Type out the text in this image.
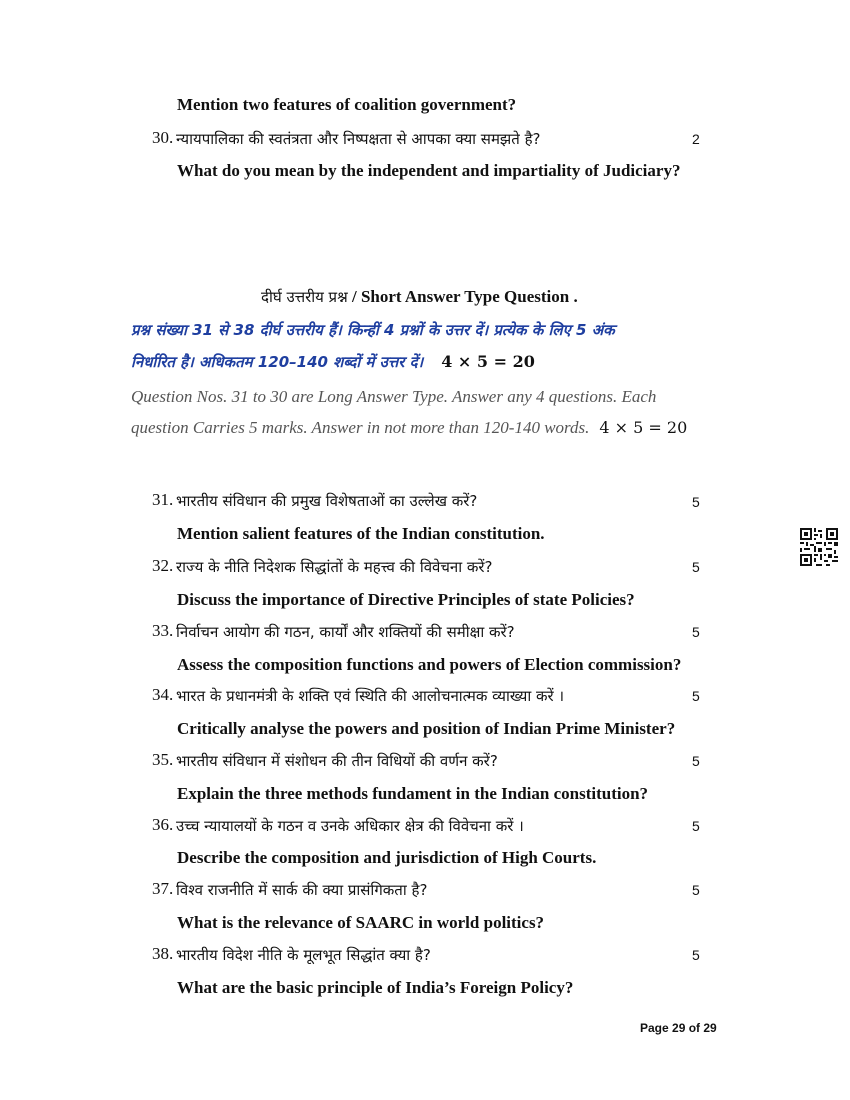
Mention two features of coalition government?
30. न्यायपालिका की स्वतंत्रता और निष्पक्षता से आपका क्या समझते है?	2
What do you mean by the independent and impartiality of Judiciary?
दीर्घ उत्तरीय प्रश्न / Short Answer Type Question .
प्रश्न संख्या 31 से 38 दीर्घ उत्तरीय हैं। किन्हीं 4 प्रश्नों के उत्तर दें। प्रत्येक के लिए 5 अंक
निर्धारित है। अधिकतम 120–140 शब्दों में उत्तर दें। 4 × 5 = 20
Question Nos. 31 to 30 are Long Answer Type. Answer any 4 questions. Each
question Carries 5 marks. Answer in not more than 120-140 words. 4 × 5 = 20
31. भारतीय संविधान की प्रमुख विशेषताओं का उल्लेख करें?	5
Mention salient features of the Indian constitution.
32. राज्य के नीति निदेशक सिद्धांतों के महत्त्व की विवेचना करें?	5
Discuss the importance of Directive Principles of state Policies?
33. निर्वाचन आयोग की गठन, कार्यों और शक्तियों की समीक्षा करें?	5
Assess the composition functions and powers of Election commission?
34. भारत के प्रधानमंत्री के शक्ति एवं स्थिति की आलोचनात्मक व्याख्या करें ।	5
Critically analyse the powers and position of Indian Prime Minister?
35. भारतीय संविधान में संशोधन की तीन विधियों की वर्णन करें?	5
Explain the three methods fundament in the Indian constitution?
36. उच्च न्यायालयों के गठन व उनके अधिकार क्षेत्र की विवेचना करें ।	5
Describe the composition and jurisdiction of High Courts.
37. विश्व राजनीति में सार्क की क्या प्रासंगिकता है?	5
What is the relevance of SAARC in world politics?
38. भारतीय विदेश नीति के मूलभूत सिद्धांत क्या है?	5
What are the basic principle of India’s Foreign Policy?
Page 29 of 29
